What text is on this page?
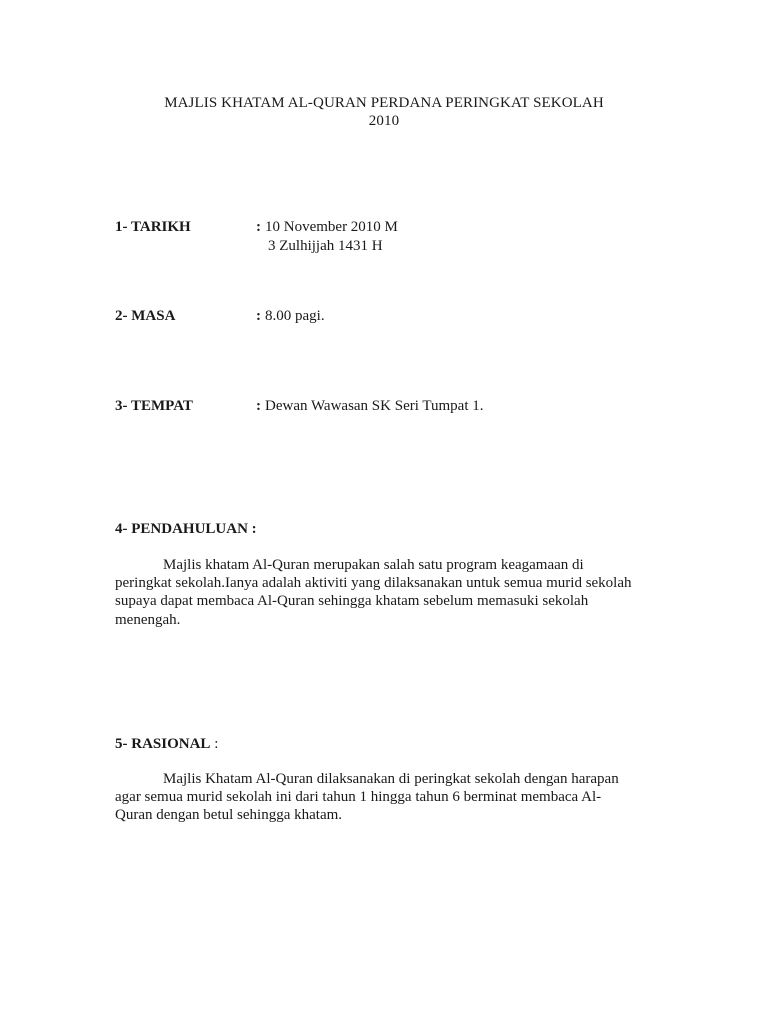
MAJLIS KHATAM AL-QURAN PERDANA PERINGKAT SEKOLAH
2010
1- TARIKH	: 10 November 2010 M
3 Zulhijjah 1431 H
2- MASA	: 8.00 pagi.
3- TEMPAT	: Dewan Wawasan SK Seri Tumpat 1.
4- PENDAHULUAN :
Majlis khatam Al-Quran merupakan salah satu program keagamaan di
peringkat sekolah.Ianya adalah aktiviti yang dilaksanakan untuk semua murid sekolah
supaya dapat membaca Al-Quran sehingga khatam sebelum memasuki sekolah
menengah.
5- RASIONAL :
Majlis Khatam Al-Quran dilaksanakan di peringkat sekolah dengan harapan
agar semua murid sekolah ini dari tahun 1 hingga tahun 6 berminat membaca Al-
Quran dengan betul sehingga khatam.
